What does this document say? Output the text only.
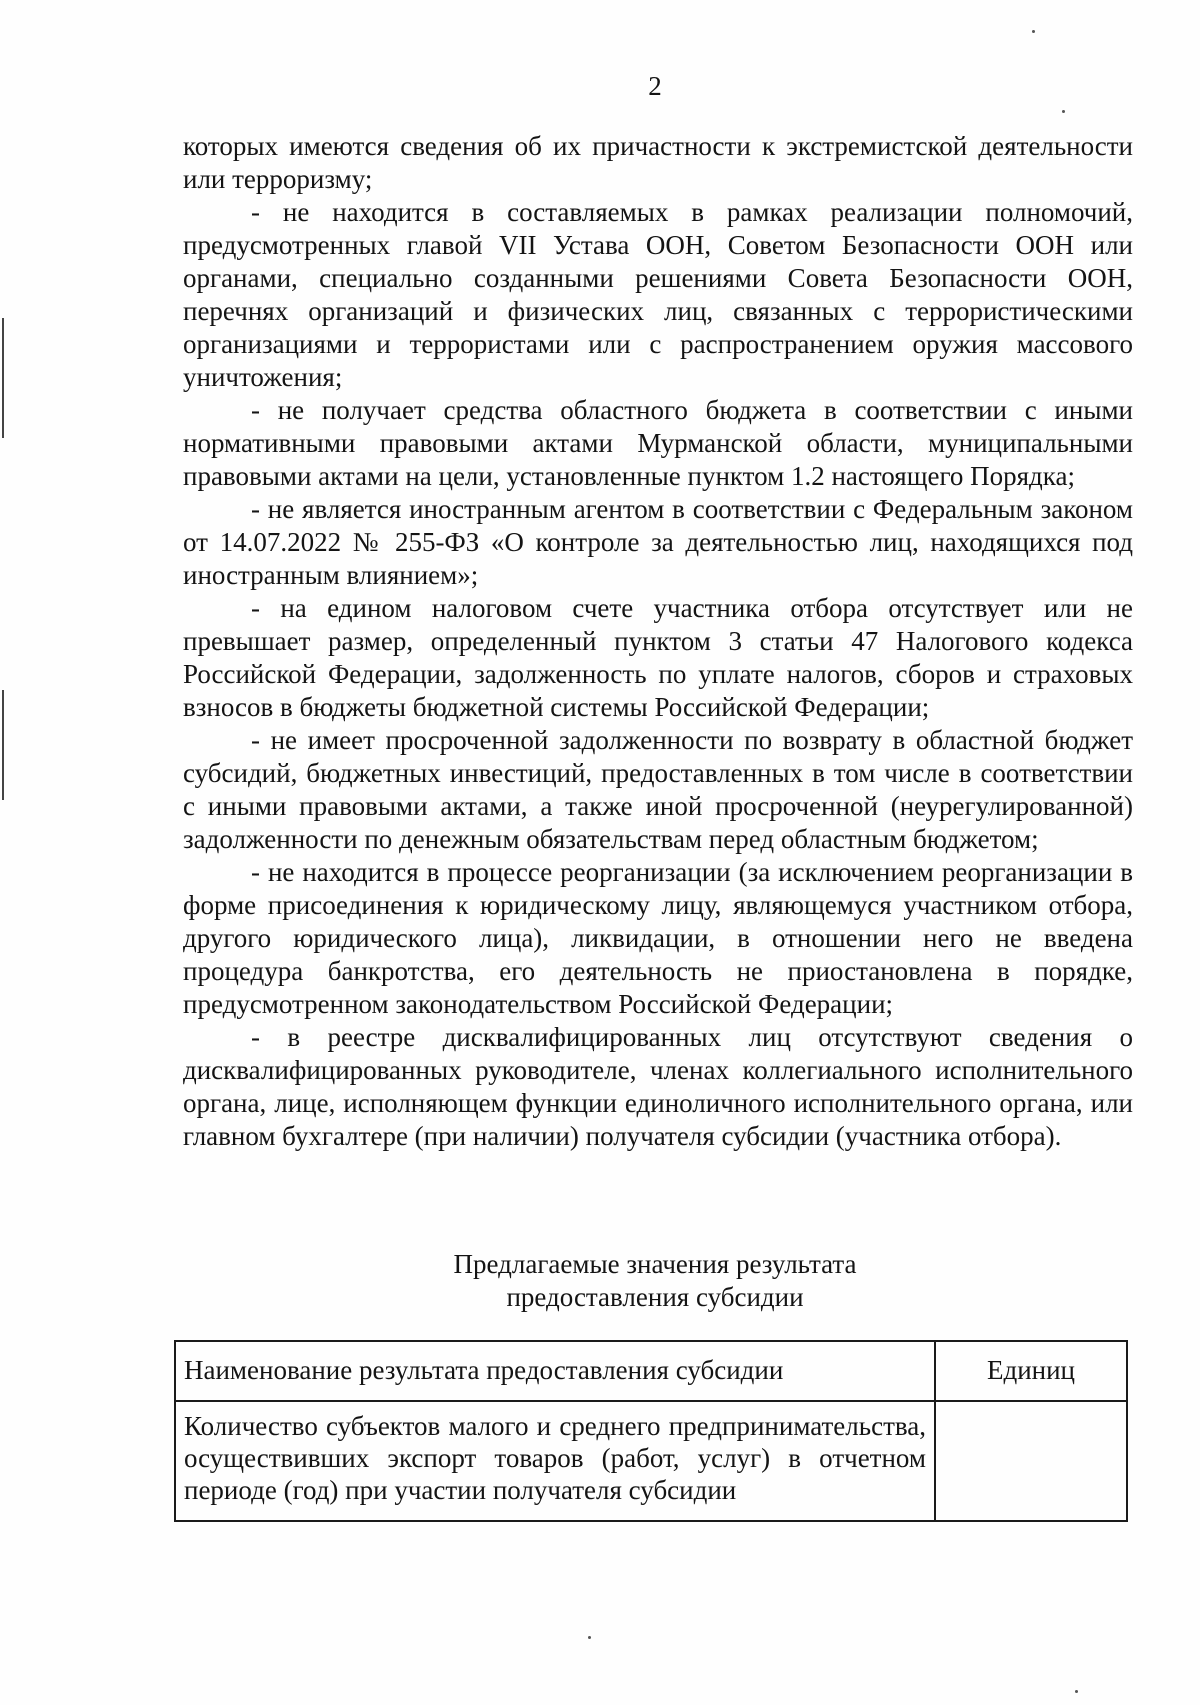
2

которых имеются сведения об их причастности к экстремистской деятельности или терроризму;

- не находится в составляемых в рамках реализации полномочий, предусмотренных главой VII Устава ООН, Советом Безопасности ООН или органами, специально созданными решениями Совета Безопасности ООН, перечнях организаций и физических лиц, связанных с террористическими организациями и террористами или с распространением оружия массового уничтожения;

- не получает средства областного бюджета в соответствии с иными нормативными правовыми актами Мурманской области, муниципальными правовыми актами на цели, установленные пунктом 1.2 настоящего Порядка;

- не является иностранным агентом в соответствии с Федеральным законом от 14.07.2022 № 255-ФЗ «О контроле за деятельностью лиц, находящихся под иностранным влиянием»;

- на едином налоговом счете участника отбора отсутствует или не превышает размер, определенный пунктом 3 статьи 47 Налогового кодекса Российской Федерации, задолженность по уплате налогов, сборов и страховых взносов в бюджеты бюджетной системы Российской Федерации;

- не имеет просроченной задолженности по возврату в областной бюджет субсидий, бюджетных инвестиций, предоставленных в том числе в соответствии с иными правовыми актами, а также иной просроченной (неурегулированной) задолженности по денежным обязательствам перед областным бюджетом;

- не находится в процессе реорганизации (за исключением реорганизации в форме присоединения к юридическому лицу, являющемуся участником отбора, другого юридического лица), ликвидации, в отношении него не введена процедура банкротства, его деятельность не приостановлена в порядке, предусмотренном законодательством Российской Федерации;

- в реестре дисквалифицированных лиц отсутствуют сведения о дисквалифицированных руководителе, членах коллегиального исполнительного органа, лице, исполняющем функции единоличного исполнительного органа, или главном бухгалтере (при наличии) получателя субсидии (участника отбора).

Предлагаемые значения результата
предоставления субсидии
Наименование результата предоставления субсидии	Единиц
Количество субъектов малого и среднего предпринимательства, осуществивших экспорт товаров (работ, услуг) в отчетном периоде (год) при участии получателя субсидии	
